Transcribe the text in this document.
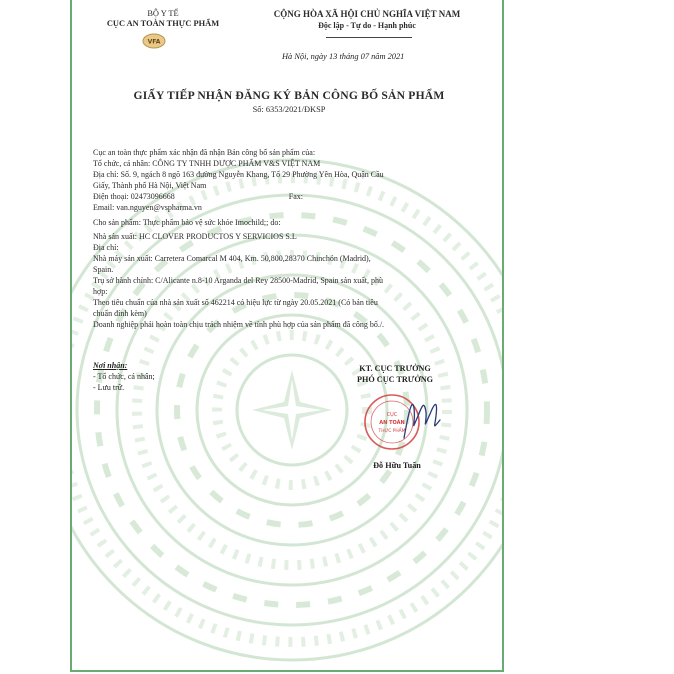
BỘ Y TẾ
CỤC AN TOÀN THỰC PHẨM
VFA
CỘNG HÒA XÃ HỘI CHỦ NGHĨA VIỆT NAM
Độc lập - Tự do - Hạnh phúc
Hà Nội, ngày 13 tháng 07 năm 2021
GIẤY TIẾP NHẬN ĐĂNG KÝ BẢN CÔNG BỐ SẢN PHẨM
Số: 6353/2021/ĐKSP
Cục an toàn thực phẩm xác nhận đã nhận Bản công bố sản phẩm của:
Tổ chức, cá nhân: CÔNG TY TNHH DƯỢC PHẨM V&S VIỆT NAM
Địa chỉ: Số. 9, ngách 8 ngõ 163 đường Nguyễn Khang, Tổ 29 Phường Yên Hòa, Quận Cầu
Giấy, Thành phố Hà Nội, Việt Nam
Điện thoại: 02473096668	Fax:
Email: van.nguyen@vspharma.vn
Cho sản phẩm: Thực phẩm bảo vệ sức khỏe Imochild;; do:
Nhà sản xuất: HC CLOVER PRODUCTOS Y SERVICIOS S.L
Địa chỉ:
Nhà máy sản xuất: Carretera Comarcal M 404, Km. 50,800,28370 Chinchón (Madrid),
Spain.
Trụ sở hành chính: C/Alicante n.8-10 Arganda del Rey 28500-Madrid, Spain sản xuất, phù
hợp:
Theo tiêu chuẩn của nhà sản xuất số 462214 có hiệu lực từ ngày 20.05.2021 (Có bản tiêu
chuẩn đính kèm)
Doanh nghiệp phải hoàn toàn chịu trách nhiệm về tính phù hợp của sản phẩm đã công bố./.
Nơi nhận:
- Tổ chức, cá nhân;
- Lưu trữ.
KT. CỤC TRƯỞNG
PHÓ CỤC TRƯỞNG
CỤC
AN TOÀN
THỰC PHẨM
Đỗ Hữu Tuấn
